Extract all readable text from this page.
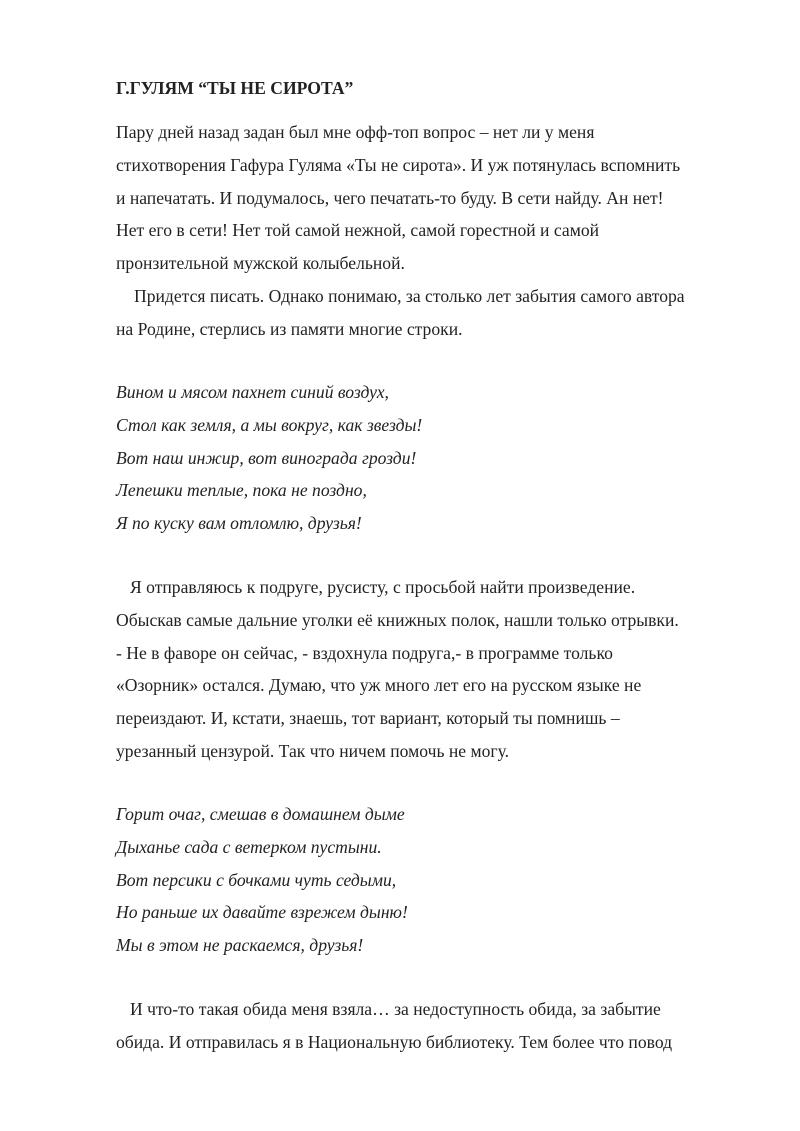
Г.ГУЛЯМ “ТЫ НЕ СИРОТА”

Пару дней назад задан был мне офф-топ вопрос – нет ли у меня
стихотворения Гафура Гуляма «Ты не сирота». И уж потянулась вспомнить
и напечатать. И подумалось, чего печатать-то буду. В сети найду. Ан нет!
Нет его в сети! Нет той самой нежной, самой горестной и самой
пронзительной мужской колыбельной.
Придется писать. Однако понимаю, за столько лет забытия самого автора
на Родине, стерлись из памяти многие строки.

Вином и мясом пахнет синий воздух,
Стол как земля, а мы вокруг, как звезды!
Вот наш инжир, вот винограда грозди!
Лепешки теплые, пока не поздно,
Я по куску вам отломлю, друзья!

Я отправляюсь к подруге, русисту, с просьбой найти произведение.
Обыскав самые дальние уголки её книжных полок, нашли только отрывки.
- Не в фаворе он сейчас, - вздохнула подруга,- в программе только
«Озорник» остался. Думаю, что уж много лет его на русском языке не
переиздают. И, кстати, знаешь, тот вариант, который ты помнишь –
урезанный цензурой. Так что ничем помочь не могу.

Горит очаг, смешав в домашнем дыме
Дыханье сада с ветерком пустыни.
Вот персики с бочками чуть седыми,
Но раньше их давайте взрежем дыню!
Мы в этом не раскаемся, друзья!

И что-то такая обида меня взяла… за недоступность обида, за забытие
обида. И отправилась я в Национальную библиотеку. Тем более что повод
